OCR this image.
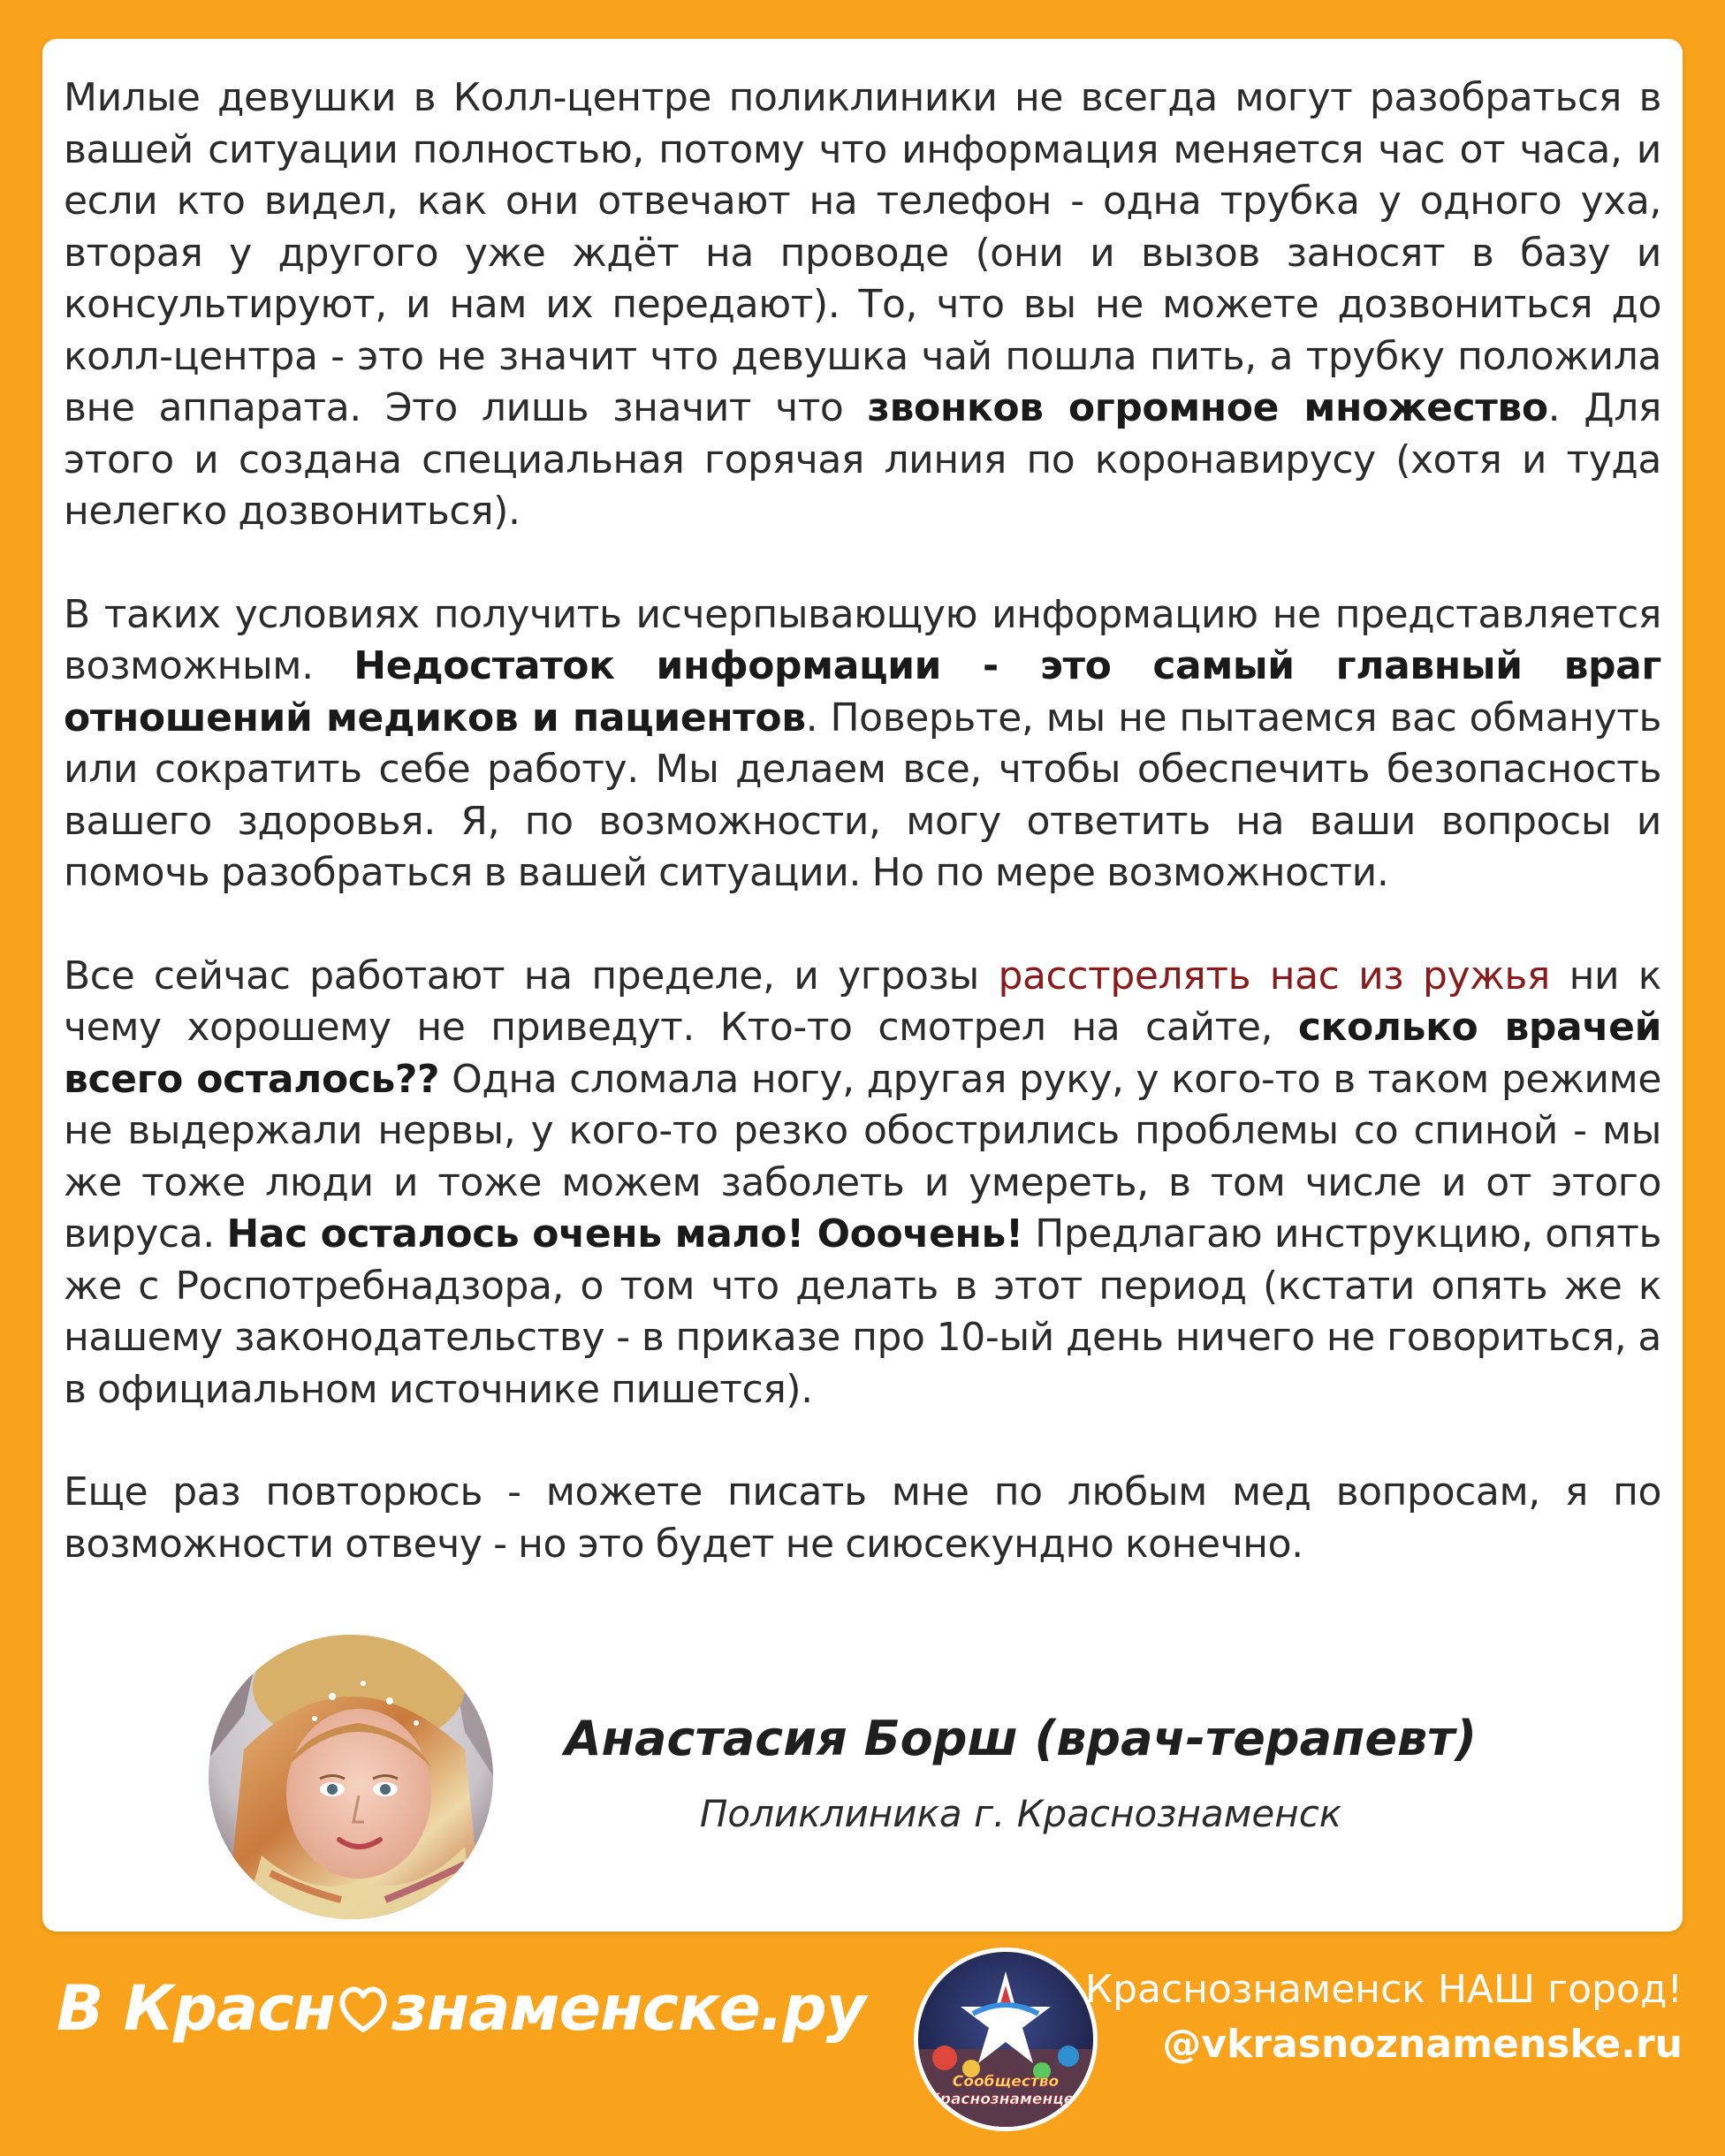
Милые девушки в Колл-центре поликлиники не всегда могут разобраться в вашей ситуации полностью, потому что информация меняется час от часа, и если кто видел, как они отвечают на телефон - одна трубка у одного уха, вторая у другого уже ждёт на проводе (они и вызов заносят в базу и консультируют, и нам их передают). То, что вы не можете дозвониться до колл-центра - это не значит что девушка чай пошла пить, а трубку положила вне аппарата. Это лишь значит что звонков огромное множество. Для этого и создана специальная горячая линия по коронавирусу (хотя и туда нелегко дозвониться).

В таких условиях получить исчерпывающую информацию не представляется возможным. Недостаток информации - это самый главный враг отношений медиков и пациентов. Поверьте, мы не пытаемся вас обмануть или сократить себе работу. Мы делаем все, чтобы обеспечить безопасность вашего здоровья. Я, по возможности, могу ответить на ваши вопросы и помочь разобраться в вашей ситуации. Но по мере возможности.

Все сейчас работают на пределе, и угрозы расстрелять нас из ружья ни к чему хорошему не приведут. Кто-то смотрел на сайте, сколько врачей всего осталось?? Одна сломала ногу, другая руку, у кого-то в таком режиме не выдержали нервы, у кого-то резко обострились проблемы со спиной - мы же тоже люди и тоже можем заболеть и умереть, в том числе и от этого вируса. Нас осталось очень мало! Ооочень! Предлагаю инструкцию, опять же с Роспотребнадзора, о том что делать в этот период (кстати опять же к нашему законодательству - в приказе про 10-ый день ничего не говориться, а в официальном источнике пишется).

Еще раз повторюсь - можете писать мне по любым мед вопросам, я по возможности отвечу - но это будет не сиюсекундно конечно.

Анастасия Борш (врач-терапевт)
Поликлиника г. Краснознаменск
В Красн знаменске.ру
Сообщество
Краснознаменцев
Краснознаменск НАШ город!
@vkrasnoznamenske.ru
